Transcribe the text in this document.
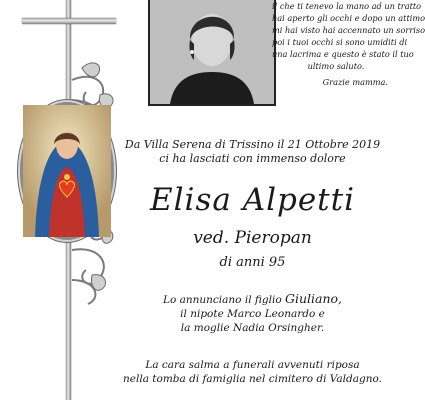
il che ti tenevo la mano ad un tratto
hai aperto gli occhi e dopo un attimo
mi hai visto hai accennato un sorriso
poi i tuoi occhi si sono umiditi di
una lacrima e questo è stato il tuo
ultimo saluto.
Grazie mamma.
Da Villa Serena di Trissino il 21 Ottobre 2019
ci ha lasciati con immenso dolore
Elisa Alpetti
ved. Pieropan
di anni 95
Lo annunciano il figlio Giuliano,
il nipote Marco Leonardo e
la moglie Nadia Orsingher.
La cara salma a funerali avvenuti riposa
nella tomba di famiglia nel cimitero di Valdagno.
